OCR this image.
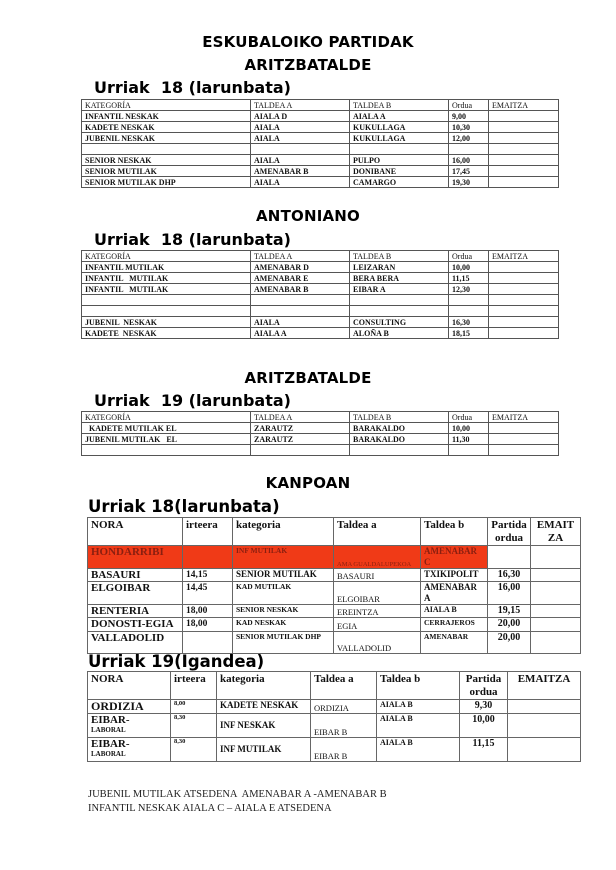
ESKUBALOIKO PARTIDAK
ARITZBATALDE
Urriak  18 (larunbata)
KATEGORÍA	TALDEA A	TALDEA B	Ordua	EMAITZA
INFANTIL NESKAK	AIALA D	AIALA A	9,00	
KADETE NESKAK	AIALA	KUKULLAGA	10,30	
JUBENIL NESKAK	AIALA	KUKULLAGA	12,00	

SENIOR NESKAK	AIALA	PULPO	16,00	
SENIOR MUTILAK	AMENABAR B	DONIBANE	17,45	
SENIOR MUTILAK DHP	AIALA	CAMARGO	19,30	
ANTONIANO
Urriak  18 (larunbata)
KATEGORÍA	TALDEA A	TALDEA B	Ordua	EMAITZA
INFANTIL MUTILAK	AMENABAR D	LEIZARAN	10,00	
INFANTIL   MUTILAK	AMENABAR E	BERA BERA	11,15	
INFANTIL   MUTILAK	AMENABAR B	EIBAR A	12,30	

JUBENIL  NESKAK	AIALA	CONSULTING	16,30	
KADETE  NESKAK	AIALA A	ALOÑA B	18,15	
ARITZBATALDE
Urriak  19 (larunbata)
KATEGORÍA	TALDEA A	TALDEA B	Ordua	EMAITZA
KADETE MUTILAK EL	ZARAUTZ	BARAKALDO	10,00	
JUBENIL MUTILAK   EL	ZARAUTZ	BARAKALDO	11,30	

KANPOAN
Urriak 18(larunbata)
NORA	irteera	kategoria	Taldea a	Taldea b	Partida ordua	EMAIT ZA
HONDARRIBI		INF MUTILAK	AMA GUALDALUPEKOA	AMENABAR C		
BASAURI	14,15	SENIOR MUTILAK	BASAURI	TXIKIPOLIT	16,30	
ELGOIBAR	14,45	KAD MUTILAK	ELGOIBAR	AMENABAR A	16,00	
RENTERIA	18,00	SENIOR NESKAK	EREINTZA	AIALA B	19,15	
DONOSTI-EGIA	18,00	KAD NESKAK	EGIA	CERRAJEROS	20,00	
VALLADOLID		SENIOR MUTILAK DHP	VALLADOLID	AMENABAR	20,00	
Urriak 19(Igandea)
NORA	irteera	kategoria	Taldea a	Taldea b	Partida ordua	EMAITZA
ORDIZIA	8,00	KADETE NESKAK	ORDIZIA	AIALA B	9,30	
EIBAR-
LABORAL	8,30	INF NESKAK	EIBAR B	AIALA B	10,00	
EIBAR-
LABORAL	8,30	INF MUTILAK	EIBAR B	AIALA B	11,15	
JUBENIL MUTILAK ATSEDENA  AMENABAR A -AMENABAR B
INFANTIL NESKAK AIALA C – AIALA E ATSEDENA
